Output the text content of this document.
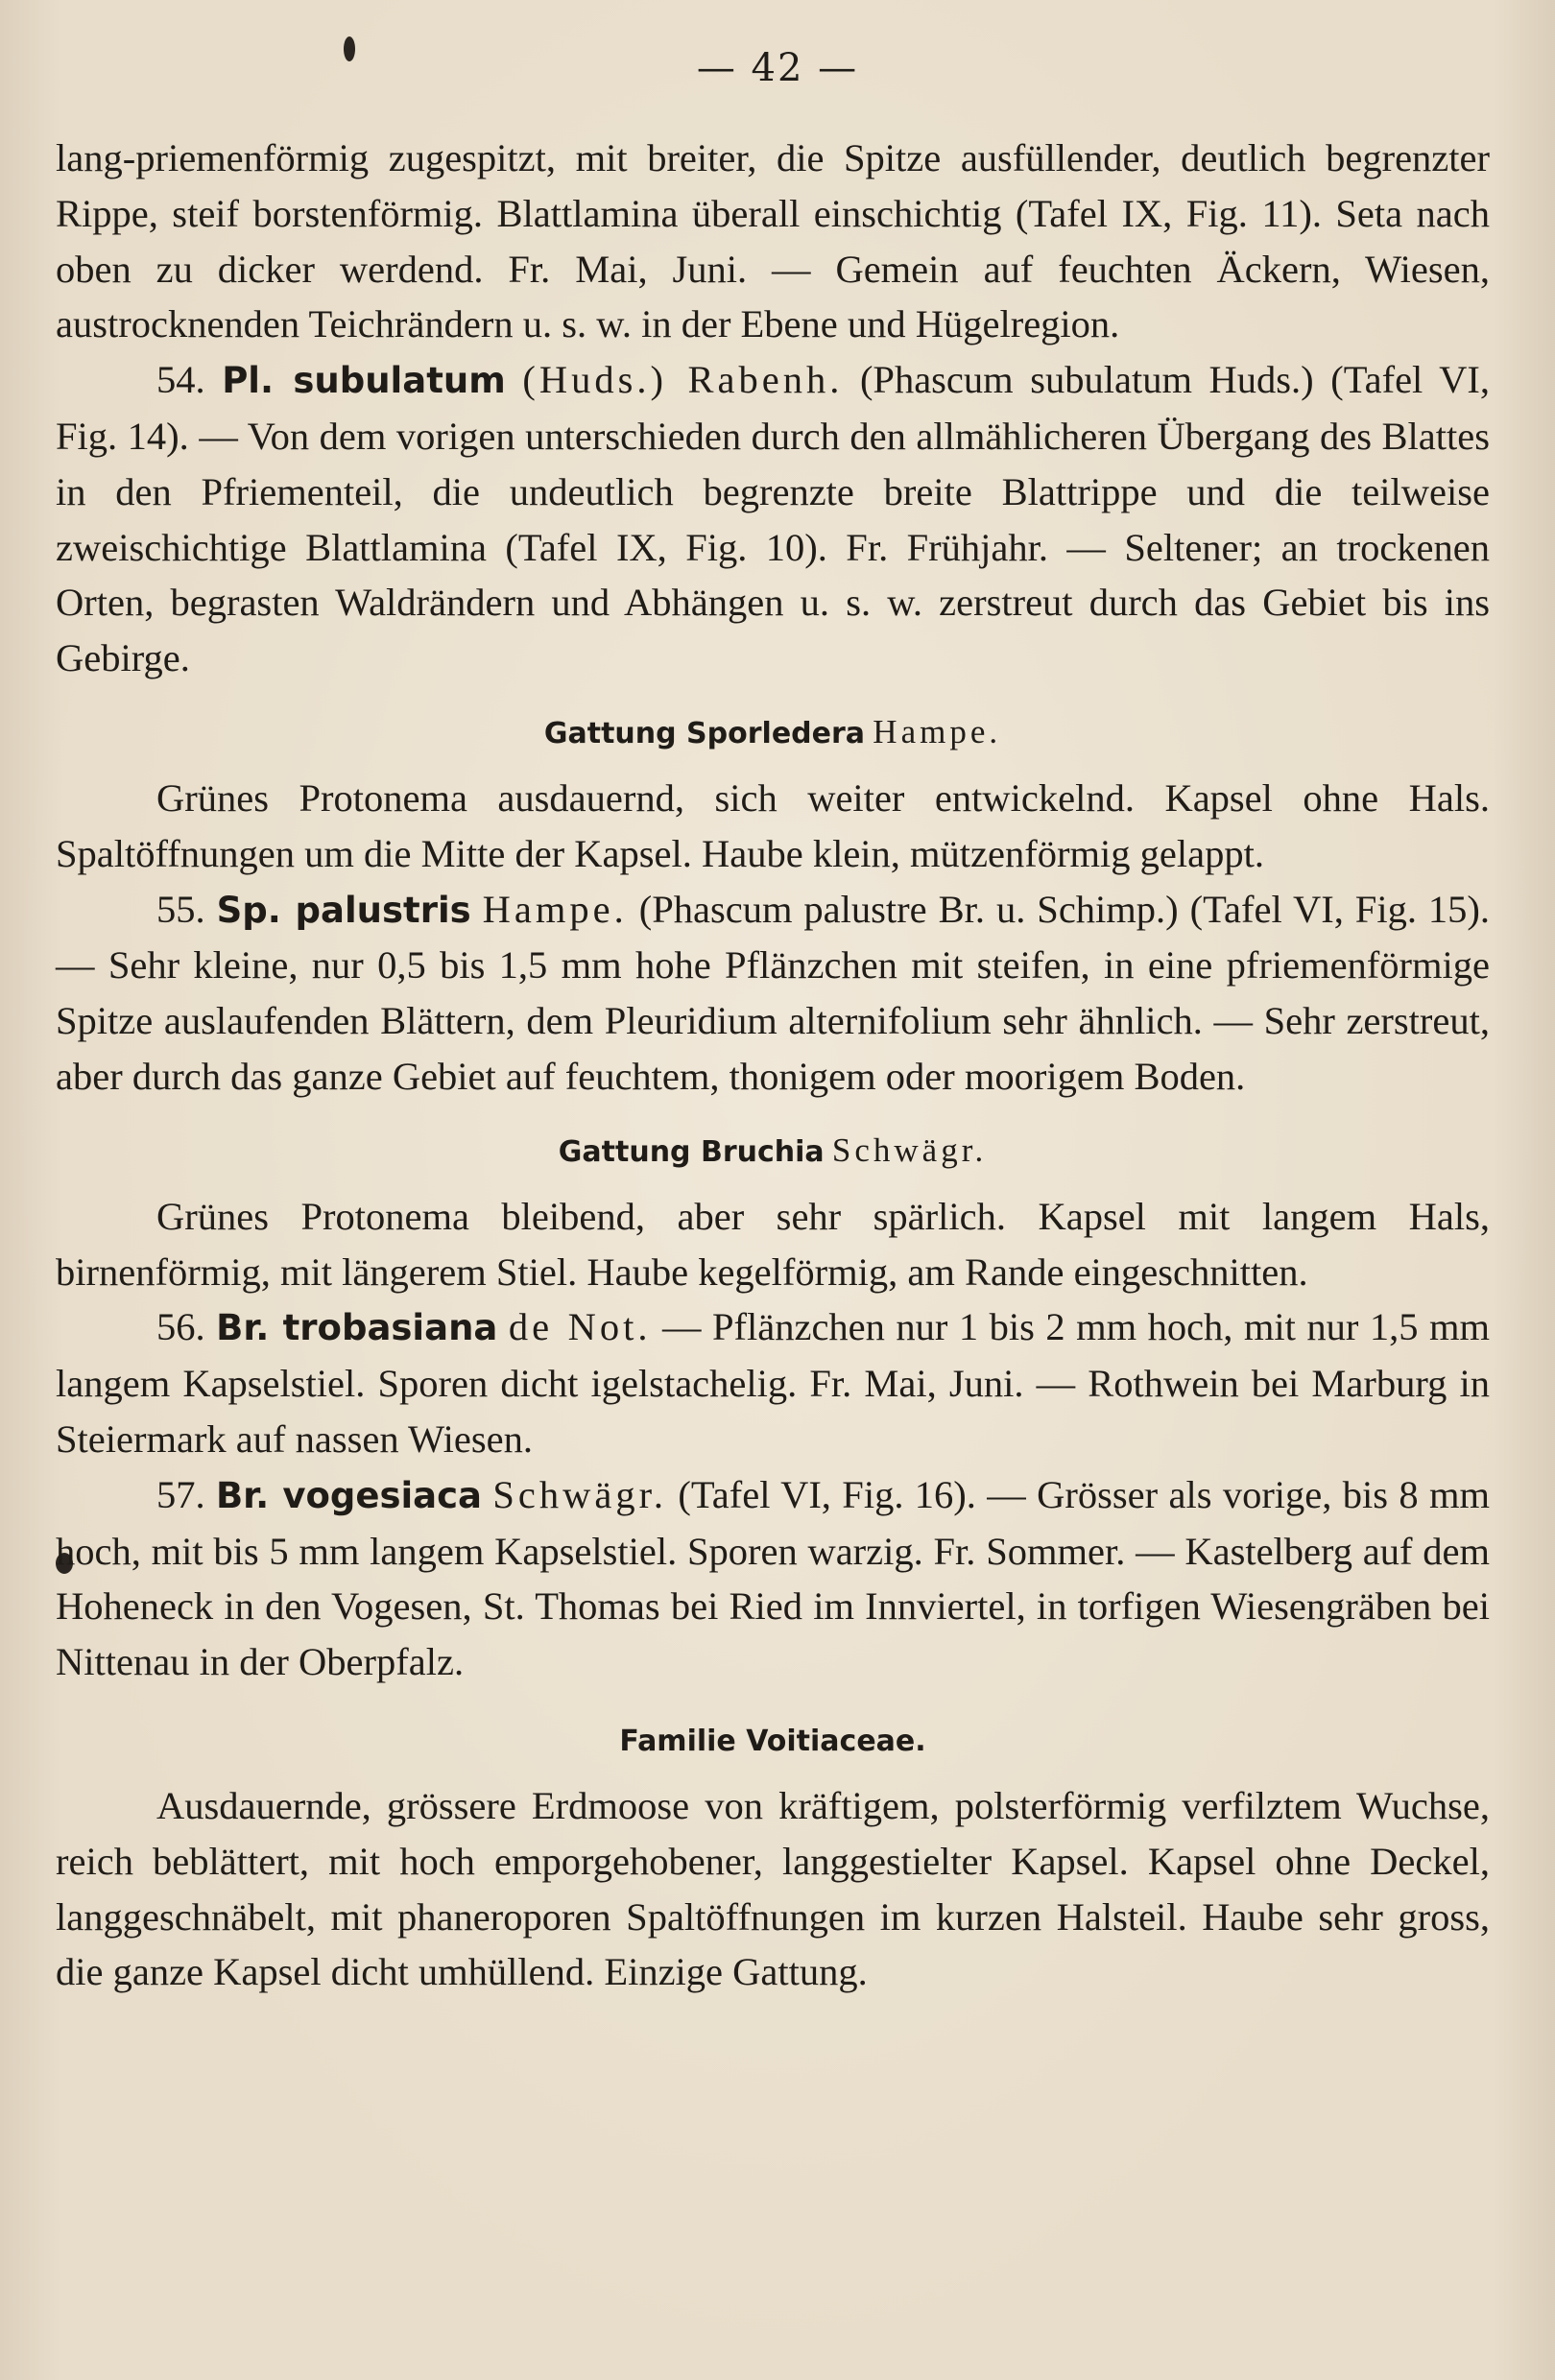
— 42 —

lang-priemenförmig zugespitzt, mit breiter, die Spitze ausfüllender, deutlich begrenzter Rippe, steif borstenförmig. Blattlamina überall einschichtig (Tafel IX, Fig. 11). Seta nach oben zu dicker werdend. Fr. Mai, Juni. — Gemein auf feuchten Äckern, Wiesen, austrocknenden Teichrändern u. s. w. in der Ebene und Hügelregion.

54. Pl. subulatum (Huds.) Rabenh. (Phascum subulatum Huds.) (Tafel VI, Fig. 14). — Von dem vorigen unterschieden durch den allmählicheren Übergang des Blattes in den Pfriementeil, die undeutlich begrenzte breite Blattrippe und die teilweise zweischichtige Blattlamina (Tafel IX, Fig. 10). Fr. Frühjahr. — Seltener; an trockenen Orten, begrasten Waldrändern und Abhängen u. s. w. zerstreut durch das Gebiet bis ins Gebirge.

Gattung Sporledera Hampe.

Grünes Protonema ausdauernd, sich weiter entwickelnd. Kapsel ohne Hals. Spaltöffnungen um die Mitte der Kapsel. Haube klein, mützenförmig gelappt.

55. Sp. palustris Hampe. (Phascum palustre Br. u. Schimp.) (Tafel VI, Fig. 15). — Sehr kleine, nur 0,5 bis 1,5 mm hohe Pflänzchen mit steifen, in eine pfriemenförmige Spitze auslaufenden Blättern, dem Pleuridium alternifolium sehr ähnlich. — Sehr zerstreut, aber durch das ganze Gebiet auf feuchtem, thonigem oder moorigem Boden.

Gattung Bruchia Schwägr.

Grünes Protonema bleibend, aber sehr spärlich. Kapsel mit langem Hals, birnenförmig, mit längerem Stiel. Haube kegelförmig, am Rande eingeschnitten.

56. Br. trobasiana de Not. — Pflänzchen nur 1 bis 2 mm hoch, mit nur 1,5 mm langem Kapselstiel. Sporen dicht igelstachelig. Fr. Mai, Juni. — Rothwein bei Marburg in Steiermark auf nassen Wiesen.

57. Br. vogesiaca Schwägr. (Tafel VI, Fig. 16). — Grösser als vorige, bis 8 mm hoch, mit bis 5 mm langem Kapselstiel. Sporen warzig. Fr. Sommer. — Kastelberg auf dem Hoheneck in den Vogesen, St. Thomas bei Ried im Innviertel, in torfigen Wiesengräben bei Nittenau in der Oberpfalz.

Familie Voitiaceae.

Ausdauernde, grössere Erdmoose von kräftigem, polsterförmig verfilztem Wuchse, reich beblättert, mit hoch emporgehobener, langgestielter Kapsel. Kapsel ohne Deckel, langgeschnäbelt, mit phaneroporen Spaltöffnungen im kurzen Halsteil. Haube sehr gross, die ganze Kapsel dicht umhüllend. Einzige Gattung.
